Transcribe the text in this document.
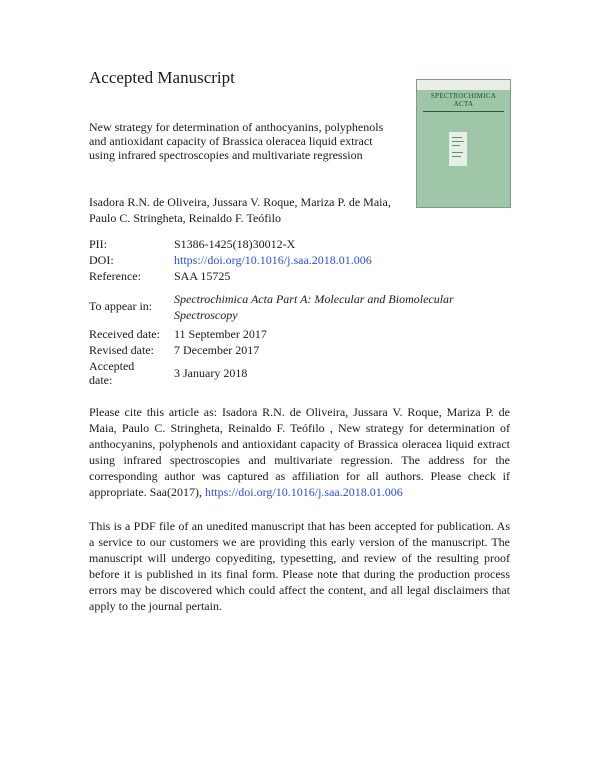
Accepted Manuscript
New strategy for determination of anthocyanins, polyphenols and antioxidant capacity of Brassica oleracea liquid extract using infrared spectroscopies and multivariate regression
Isadora R.N. de Oliveira, Jussara V. Roque, Mariza P. de Maia, Paulo C. Stringheta, Reinaldo F. Teófilo
SPECTROCHIMICA
ACTA
PII:	S1386-1425(18)30012-X
DOI:	https://doi.org/10.1016/j.saa.2018.01.006
Reference:	SAA 15725
To appear in: Spectrochimica Acta Part A: Molecular and Biomolecular
Spectroscopy
Received date: 11 September 2017
Revised date: 7 December 2017
Accepted
date:	3 January 2018
Please cite this article as: Isadora R.N. de Oliveira, Jussara V. Roque, Mariza P. de Maia, Paulo C. Stringheta, Reinaldo F. Teófilo , New strategy for determination of anthocyanins, polyphenols and antioxidant capacity of Brassica oleracea liquid extract using infrared spectroscopies and multivariate regression. The address for the corresponding author was captured as affiliation for all authors. Please check if appropriate. Saa(2017), https://doi.org/10.1016/j.saa.2018.01.006
This is a PDF file of an unedited manuscript that has been accepted for publication. As a service to our customers we are providing this early version of the manuscript. The manuscript will undergo copyediting, typesetting, and review of the resulting proof before it is published in its final form. Please note that during the production process errors may be discovered which could affect the content, and all legal disclaimers that apply to the journal pertain.
